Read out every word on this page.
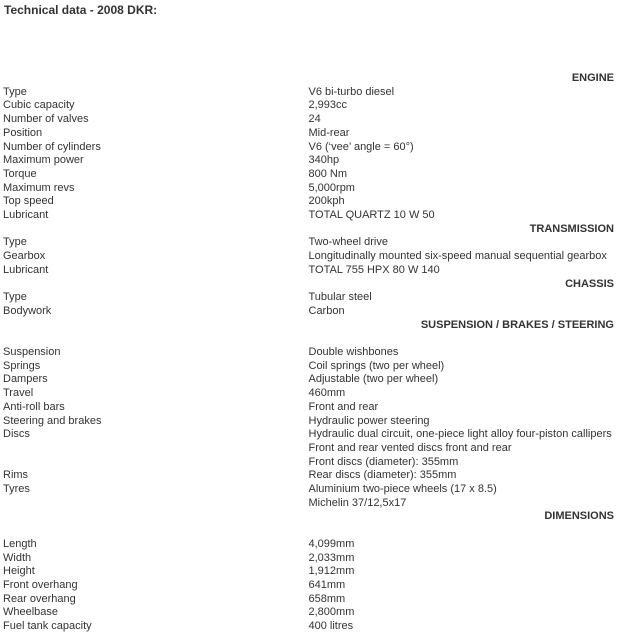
Technical data - 2008 DKR:
ENGINE	
Type	V6 bi-turbo diesel
Cubic capacity	2,993cc
Number of valves	24
Position	Mid-rear
Number of cylinders	V6 (‘vee’ angle = 60°)
Maximum power	340hp
Torque	800 Nm
Maximum revs	5,000rpm
Top speed	200kph
Lubricant	TOTAL QUARTZ 10 W 50
TRANSMISSION	
Type	Two-wheel drive
Gearbox	Longitudinally mounted six-speed manual sequential gearbox
Lubricant	TOTAL 755 HPX 80 W 140
CHASSIS	
Type	Tubular steel
Bodywork	Carbon
SUSPENSION / BRAKES / STEERING	

Suspension	Double wishbones
Springs	Coil springs (two per wheel)
Dampers	Adjustable (two per wheel)
Travel	460mm
Anti-roll bars	Front and rear
Steering and brakes	Hydraulic power steering
Discs	Hydraulic dual circuit, one-piece light alloy four-piston callipers
	Front and rear vented discs front and rear
	Front discs (diameter): 355mm
Rims	Rear discs (diameter): 355mm
Tyres	Aluminium two-piece wheels (17 x 8.5)
	Michelin 37/12,5x17
DIMENSIONS	

Length	4,099mm
Width	2,033mm
Height	1,912mm
Front overhang	641mm
Rear overhang	658mm
Wheelbase	2,800mm
Fuel tank capacity	400 litres
